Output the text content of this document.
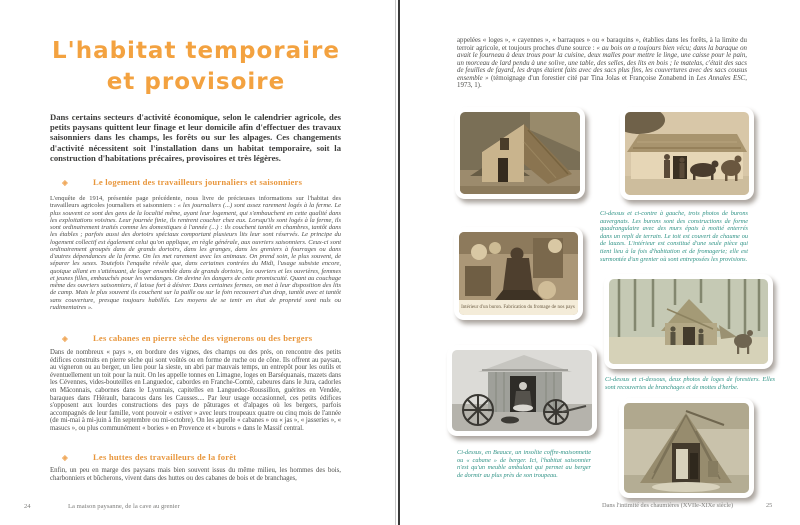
L'habitat temporaire
et provisoire
Dans certains secteurs d'activité économique, selon le calendrier agricole, des petits paysans quittent leur finage et leur domicile afin d'effectuer des travaux saisonniers dans les champs, les forêts ou sur les alpages. Ces changements d'activité nécessitent soit l'installation dans un habitat temporaire, soit la construction d'habitations précaires, provisoires et très légères.
◈	Le logement des travailleurs journaliers et saisonniers
L'enquête de 1914, présentée page précédente, nous livre de précieuses informations sur l'habitat des travailleurs agricoles journaliers et saisonniers : « les journaliers (...) sont assez rarement logés à la ferme. Le plus souvent ce sont des gens de la localité même, ayant leur logement, qui s'embauchent en cette qualité dans les exploitations voisines. Leur journée finie, ils rentrent coucher chez eux. Lorsqu'ils sont logés à la ferme, ils sont ordinairement traités comme les domestiques à l'année (...) : ils couchent tantôt en chambres, tantôt dans les étables ; parfois aussi des dortoirs spéciaux comportant plusieurs lits leur sont réservés. Le principe du logement collectif est également celui qu'on applique, en règle générale, aux ouvriers saisonniers. Ceux-ci sont ordinairement groupés dans de grands dortoirs, dans les granges, dans les greniers à fourrages ou dans d'autres dépendances de la ferme. On les met rarement avec les animaux. On prend soin, le plus souvent, de séparer les sexes. Toutefois l'enquête révèle que, dans certaines contrées du Midi, l'usage subsiste encore, quoique allant en s'atténuant, de loger ensemble dans de grands dortoirs, les ouvriers et les ouvrières, femmes et jeunes filles, embauchés pour les vendanges. On devine les dangers de cette promiscuité. Quant au couchage même des ouvriers saisonniers, il laisse fort à désirer. Dans certaines fermes, on met à leur disposition des lits de camp. Mais le plus souvent ils couchent sur la paille ou sur le foin recouvert d'un drap, tantôt avec et tantôt sans couverture, presque toujours habillés. Les moyens de se tenir en état de propreté sont nuls ou rudimentaires ».
◈	Les cabanes en pierre sèche des vignerons ou des bergers
Dans de nombreux « pays », en bordure des vignes, des champs ou des prés, on rencontre des petits édifices construits en pierre sèche qui sont voûtés ou en forme de ruche ou de cône. Ils offrent au paysan, au vigneron ou au berger, un lieu pour la sieste, un abri par mauvais temps, un entrepôt pour les outils et éventuellement un toit pour la nuit. On les appelle tonnes en Limagne, loges en Barséquanais, mazets dans les Cévennes, vides-bouteilles en Languedoc, cabordes en Franche-Comté, cabeures dans le Jura, cadorles en Mâconnais, cabornes dans le Lyonnais, capitelles en Languedoc-Roussillon, guérites en Vendée, baraques dans l'Hérault, baracous dans les Causses.... Par leur usage occasionnel, ces petits édifices s'opposent aux lourdes constructions des pays de pâturages et d'alpages où les bergers, parfois accompagnés de leur famille, vont pouvoir « estiver » avec leurs troupeaux quatre ou cinq mois de l'année (de mi-mai à mi-juin à fin septembre ou mi-octobre). On les appelle « cabanes » ou « jas », « jasseries », « masucs », ou plus communément « bories » en Provence et « burons » dans le Massif central.
◈	Les huttes des travailleurs de la forêt
Enfin, un peu en marge des paysans mais bien souvent issus du même milieu, les hommes des bois, charbonniers et bûcherons, vivent dans des huttes ou des cabanes de bois et de branchages,
24	La maison paysanne, de la cave au grenier
appelées « loges », « cayennes », « barraques » ou « baraquins », établies dans les forêts, à la limite du terroir agricole, et toujours proches d'une source : « au bois on a toujours bien vécu; dans la baraque on avait le fourneau à deux trous pour la cuisine, deux malles pour mettre le linge, une caisse pour le pain, un morceau de lard pendu à une solive, une table, des selles, des lits en bois ; le matelas, c'était des sacs de feuilles de fayard, les draps étaient faits avec des sacs plus fins, les couvertures avec des sacs cousus ensemble » (témoignage d'un forestier cité par Tina Jolas et Françoise Zonabend in Les Annales ESC, 1973, 1).
Ci-dessus et ci-contre à gauche, trois photos de burons auvergnats. Les burons sont des constructions de forme quadrangulaire avec des murs épais à moitié enterrés dans un repli de terrain. Le toit est couvert de chaume ou de lauzes. L'intérieur est constitué d'une seule pièce qui tient lieu à la fois d'habitation et de fromagerie; elle est surmontée d'un grenier où sont entreposées les provisions.
Intérieur d'un buron. Fabrication du fromage de nos pays
Ci-dessus et ci-dessous, deux photos de loges de forestiers. Elles sont recouvertes de branchages et de mottes d'herbe.
Ci-dessus, en Beauce, un insolite coffre-maisonnette ou « cabane » de berger. Ici, l'habitat saisonnier n'est qu'un meuble ambulant qui permet au berger de dormir au plus près de son troupeau.
Dans l'intimité des chaumières (XVIIe-XIXe siècle)	25
